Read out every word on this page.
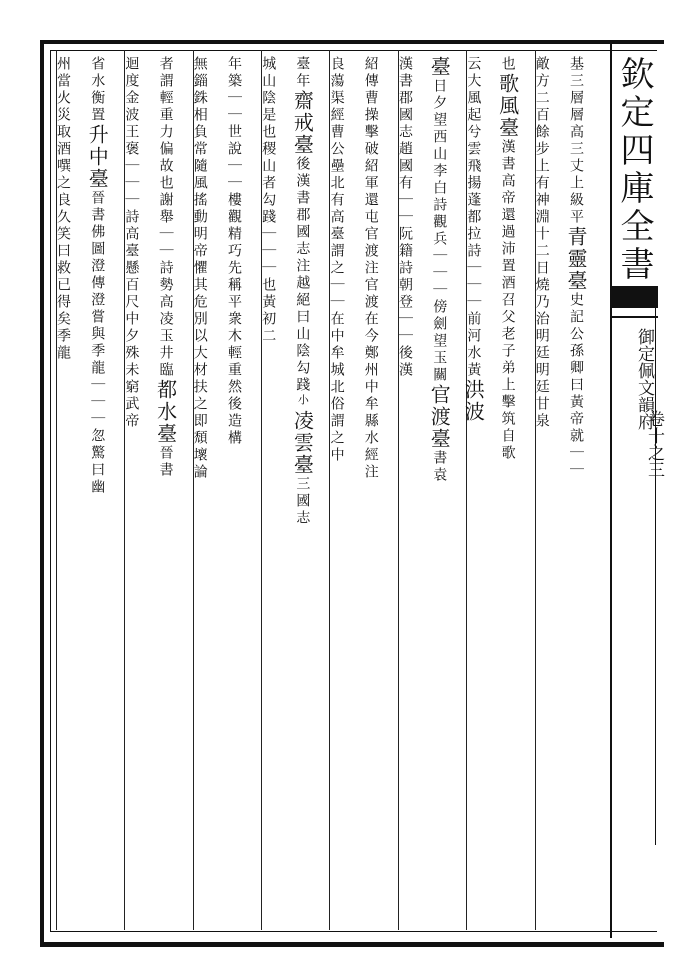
欽定四庫全書
御定佩文韻府
卷十之三
基三層層高三丈上級平青靈臺史記公孫卿曰黃帝就｜｜
敵方二百餘步上有神淵十二日燒乃治明廷明廷甘泉
也歌風臺漢書高帝還過沛置酒召父老子弟上擊筑自歌
云大風起兮雲飛揚蓬都拉詩｜｜｜前河水黃洪波
臺日夕望西山李白詩觀兵｜｜｜傍劍望玉關官渡臺書袁
漢書郡國志趙國有｜｜阮籍詩朝登｜｜後漢
紹傳曹操擊破紹軍還屯官渡注官渡在今鄭州中牟縣水經注
良蕩渠經曹公壘北有高臺謂之｜｜在中牟城北俗謂之中
臺年齋戒臺後漢書郡國志注越絕曰山陰勾踐小凌雲臺三國志
城山陰是也稷山者勾踐｜｜｜也黃初二
年築｜｜世說｜｜樓觀精巧先稱平衆木輕重然後造構
無錙銖相負常隨風搖動明帝懼其危別以大材扶之即頹壞論
者謂輕重力偏故也謝舉｜｜詩勢高凌玉井臨都水臺晉書
迴度金波王褒｜｜｜詩高臺懸百尺中夕殊未窮武帝
省水衡置升中臺晉書佛圖澄傳澄嘗與季龍｜｜｜忽驚曰幽
州當火災取酒噀之良久笑曰救已得矣季龍
